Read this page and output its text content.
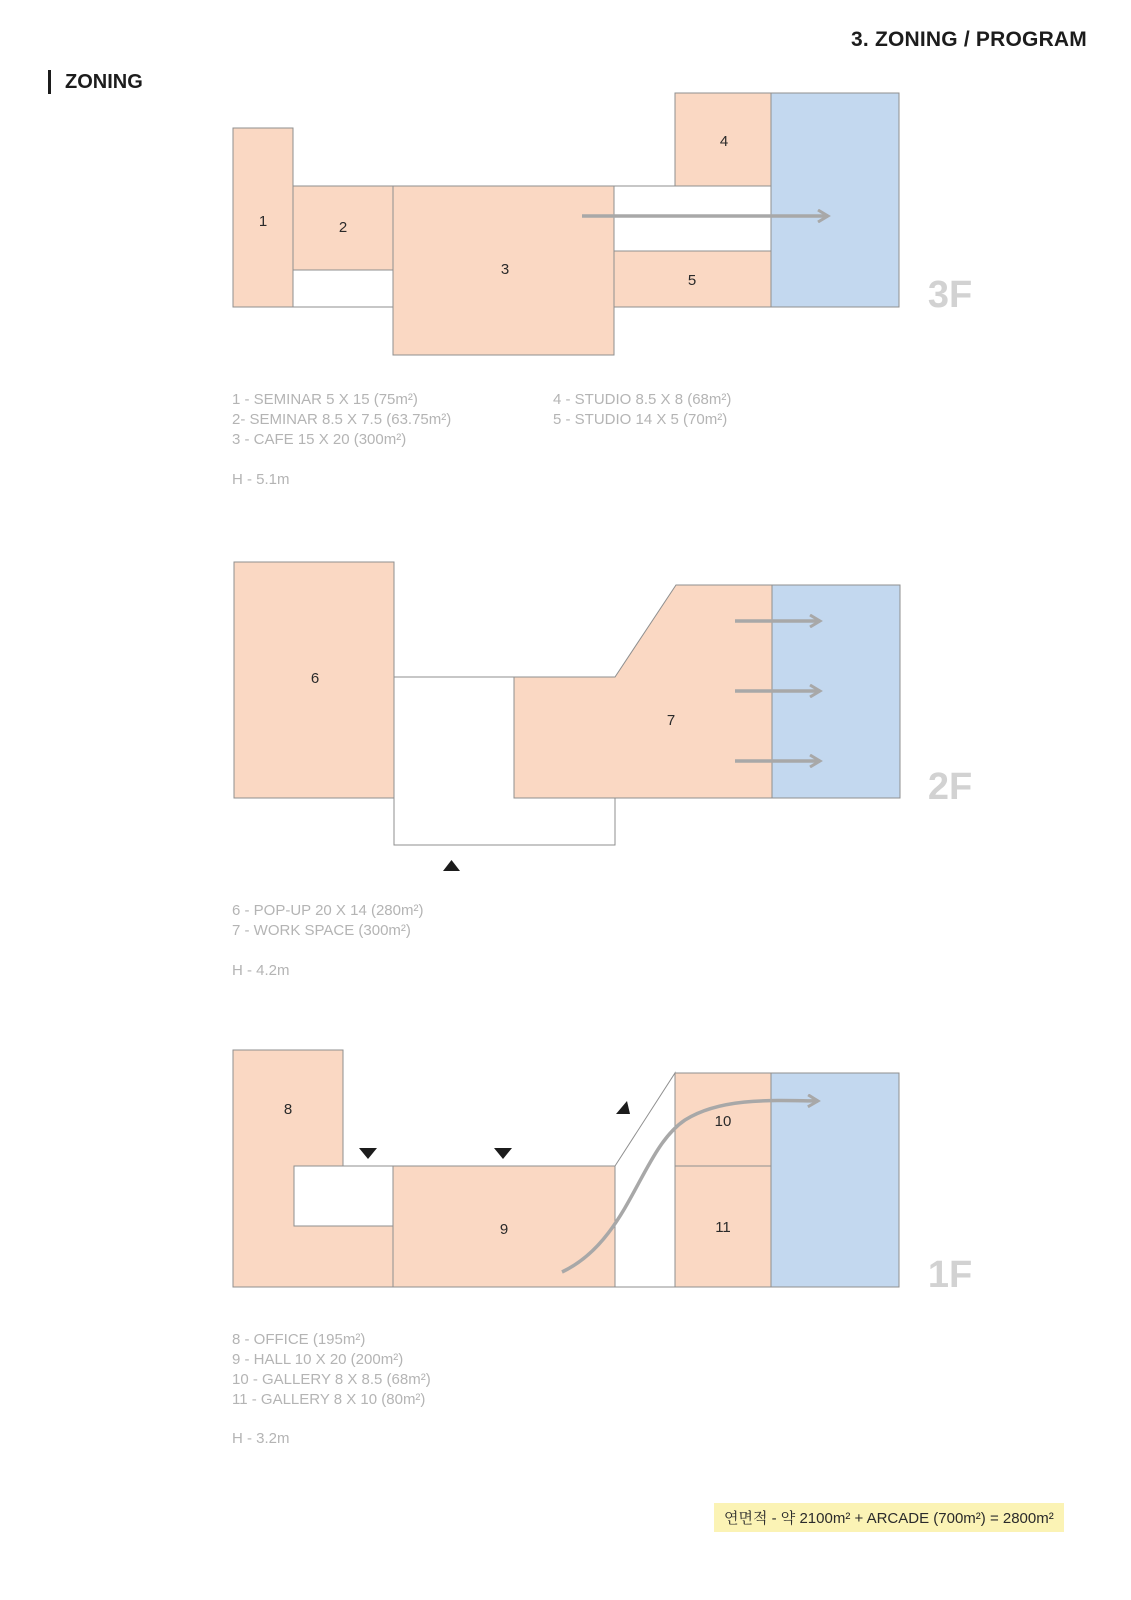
3. ZONING / PROGRAM
ZONING
1	2
3
4
5	3F
6
7
2F
8
9
10
11
1F
1 - SEMINAR 5 X 15 (75m²)
2- SEMINAR 8.5 X 7.5 (63.75m²)
3 - CAFE 15 X 20 (300m²)
4 - STUDIO 8.5 X 8 (68m²)
5 - STUDIO 14 X 5 (70m²)
H - 5.1m
6 - POP-UP 20 X 14 (280m²)
7 - WORK SPACE (300m²)
H - 4.2m
8 - OFFICE (195m²)
9 - HALL 10 X 20 (200m²)
10 - GALLERY 8 X 8.5 (68m²)
11 - GALLERY 8 X 10 (80m²)
H - 3.2m
연면적 - 약 2100m² + ARCADE (700m²) = 2800m²
